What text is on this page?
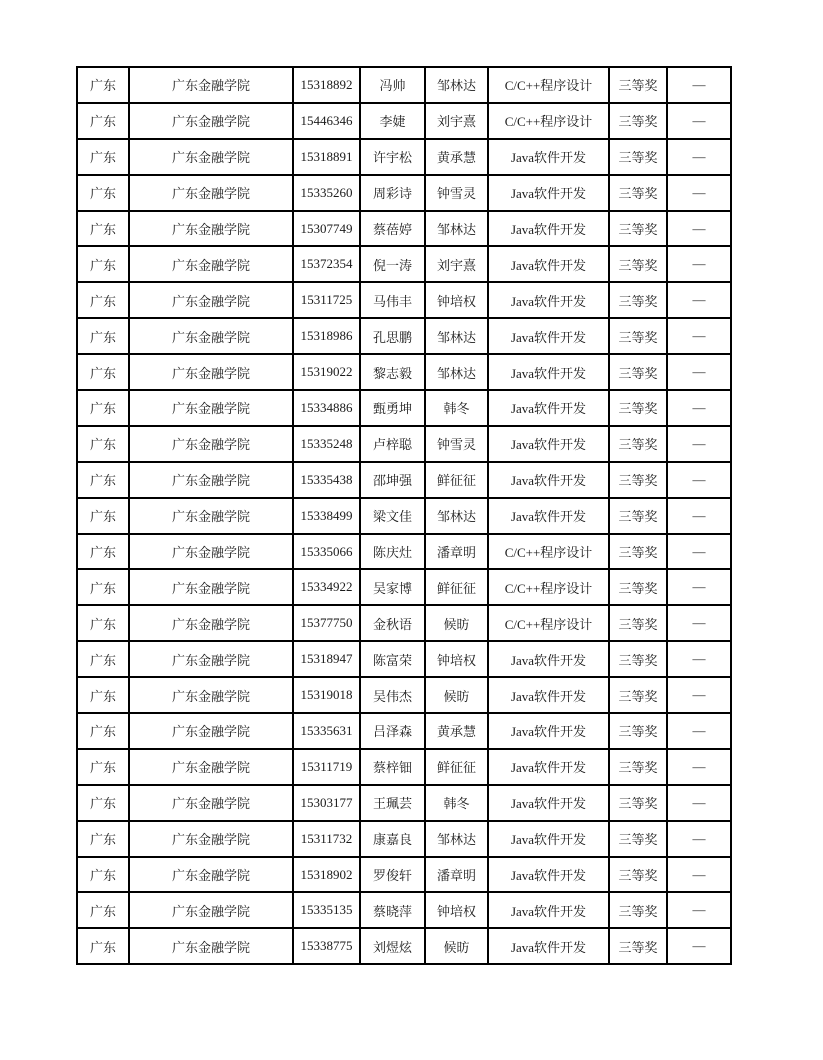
广东	广东金融学院	15318892	冯帅	邹林达	C/C++程序设计	三等奖	—
广东	广东金融学院	15446346	李婕	刘宇熹	C/C++程序设计	三等奖	—
广东	广东金融学院	15318891	许宇松	黄承慧	Java软件开发	三等奖	—
广东	广东金融学院	15335260	周彩诗	钟雪灵	Java软件开发	三等奖	—
广东	广东金融学院	15307749	蔡蓓婷	邹林达	Java软件开发	三等奖	—
广东	广东金融学院	15372354	倪一涛	刘宇熹	Java软件开发	三等奖	—
广东	广东金融学院	15311725	马伟丰	钟培权	Java软件开发	三等奖	—
广东	广东金融学院	15318986	孔思鹏	邹林达	Java软件开发	三等奖	—
广东	广东金融学院	15319022	黎志毅	邹林达	Java软件开发	三等奖	—
广东	广东金融学院	15334886	甄勇坤	韩冬	Java软件开发	三等奖	—
广东	广东金融学院	15335248	卢梓聪	钟雪灵	Java软件开发	三等奖	—
广东	广东金融学院	15335438	邵坤强	鲜征征	Java软件开发	三等奖	—
广东	广东金融学院	15338499	梁文佳	邹林达	Java软件开发	三等奖	—
广东	广东金融学院	15335066	陈庆灶	潘章明	C/C++程序设计	三等奖	—
广东	广东金融学院	15334922	吴家博	鲜征征	C/C++程序设计	三等奖	—
广东	广东金融学院	15377750	金秋语	候昉	C/C++程序设计	三等奖	—
广东	广东金融学院	15318947	陈富荣	钟培权	Java软件开发	三等奖	—
广东	广东金融学院	15319018	吴伟杰	候昉	Java软件开发	三等奖	—
广东	广东金融学院	15335631	吕泽森	黄承慧	Java软件开发	三等奖	—
广东	广东金融学院	15311719	蔡梓钿	鲜征征	Java软件开发	三等奖	—
广东	广东金融学院	15303177	王珮芸	韩冬	Java软件开发	三等奖	—
广东	广东金融学院	15311732	康嘉良	邹林达	Java软件开发	三等奖	—
广东	广东金融学院	15318902	罗俊轩	潘章明	Java软件开发	三等奖	—
广东	广东金融学院	15335135	蔡晓萍	钟培权	Java软件开发	三等奖	—
广东	广东金融学院	15338775	刘煜炫	候昉	Java软件开发	三等奖	—
